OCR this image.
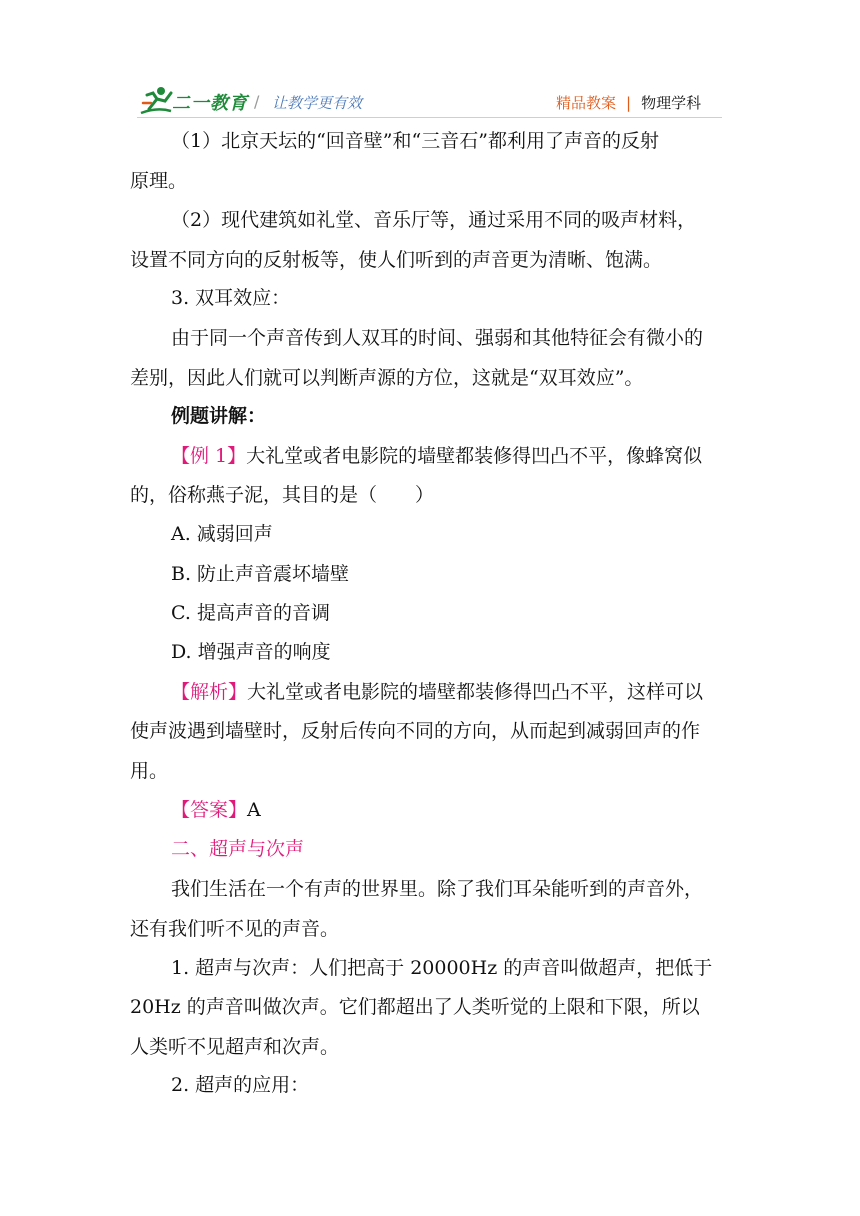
二一教育 / 让教学更有效	精品教案 | 物理学科
（1）北京天坛的“回音壁”和“三音石”都利用了声音的反射
原理。
（2）现代建筑如礼堂、音乐厅等，通过采用不同的吸声材料，
设置不同方向的反射板等，使人们听到的声音更为清晰、饱满。
3. 双耳效应：
由于同一个声音传到人双耳的时间、强弱和其他特征会有微小的
差别，因此人们就可以判断声源的方位，这就是“双耳效应”。
例题讲解：
【例 1】大礼堂或者电影院的墙壁都装修得凹凸不平，像蜂窝似
的，俗称燕子泥，其目的是（　　）
A. 减弱回声
B. 防止声音震坏墙壁
C. 提高声音的音调
D. 增强声音的响度
【解析】大礼堂或者电影院的墙壁都装修得凹凸不平，这样可以
使声波遇到墙壁时，反射后传向不同的方向，从而起到减弱回声的作
用。
【答案】A
二、超声与次声
我们生活在一个有声的世界里。除了我们耳朵能听到的声音外，
还有我们听不见的声音。
1. 超声与次声：人们把高于 20000Hz 的声音叫做超声，把低于
20Hz 的声音叫做次声。它们都超出了人类听觉的上限和下限，所以
人类听不见超声和次声。
2. 超声的应用：
